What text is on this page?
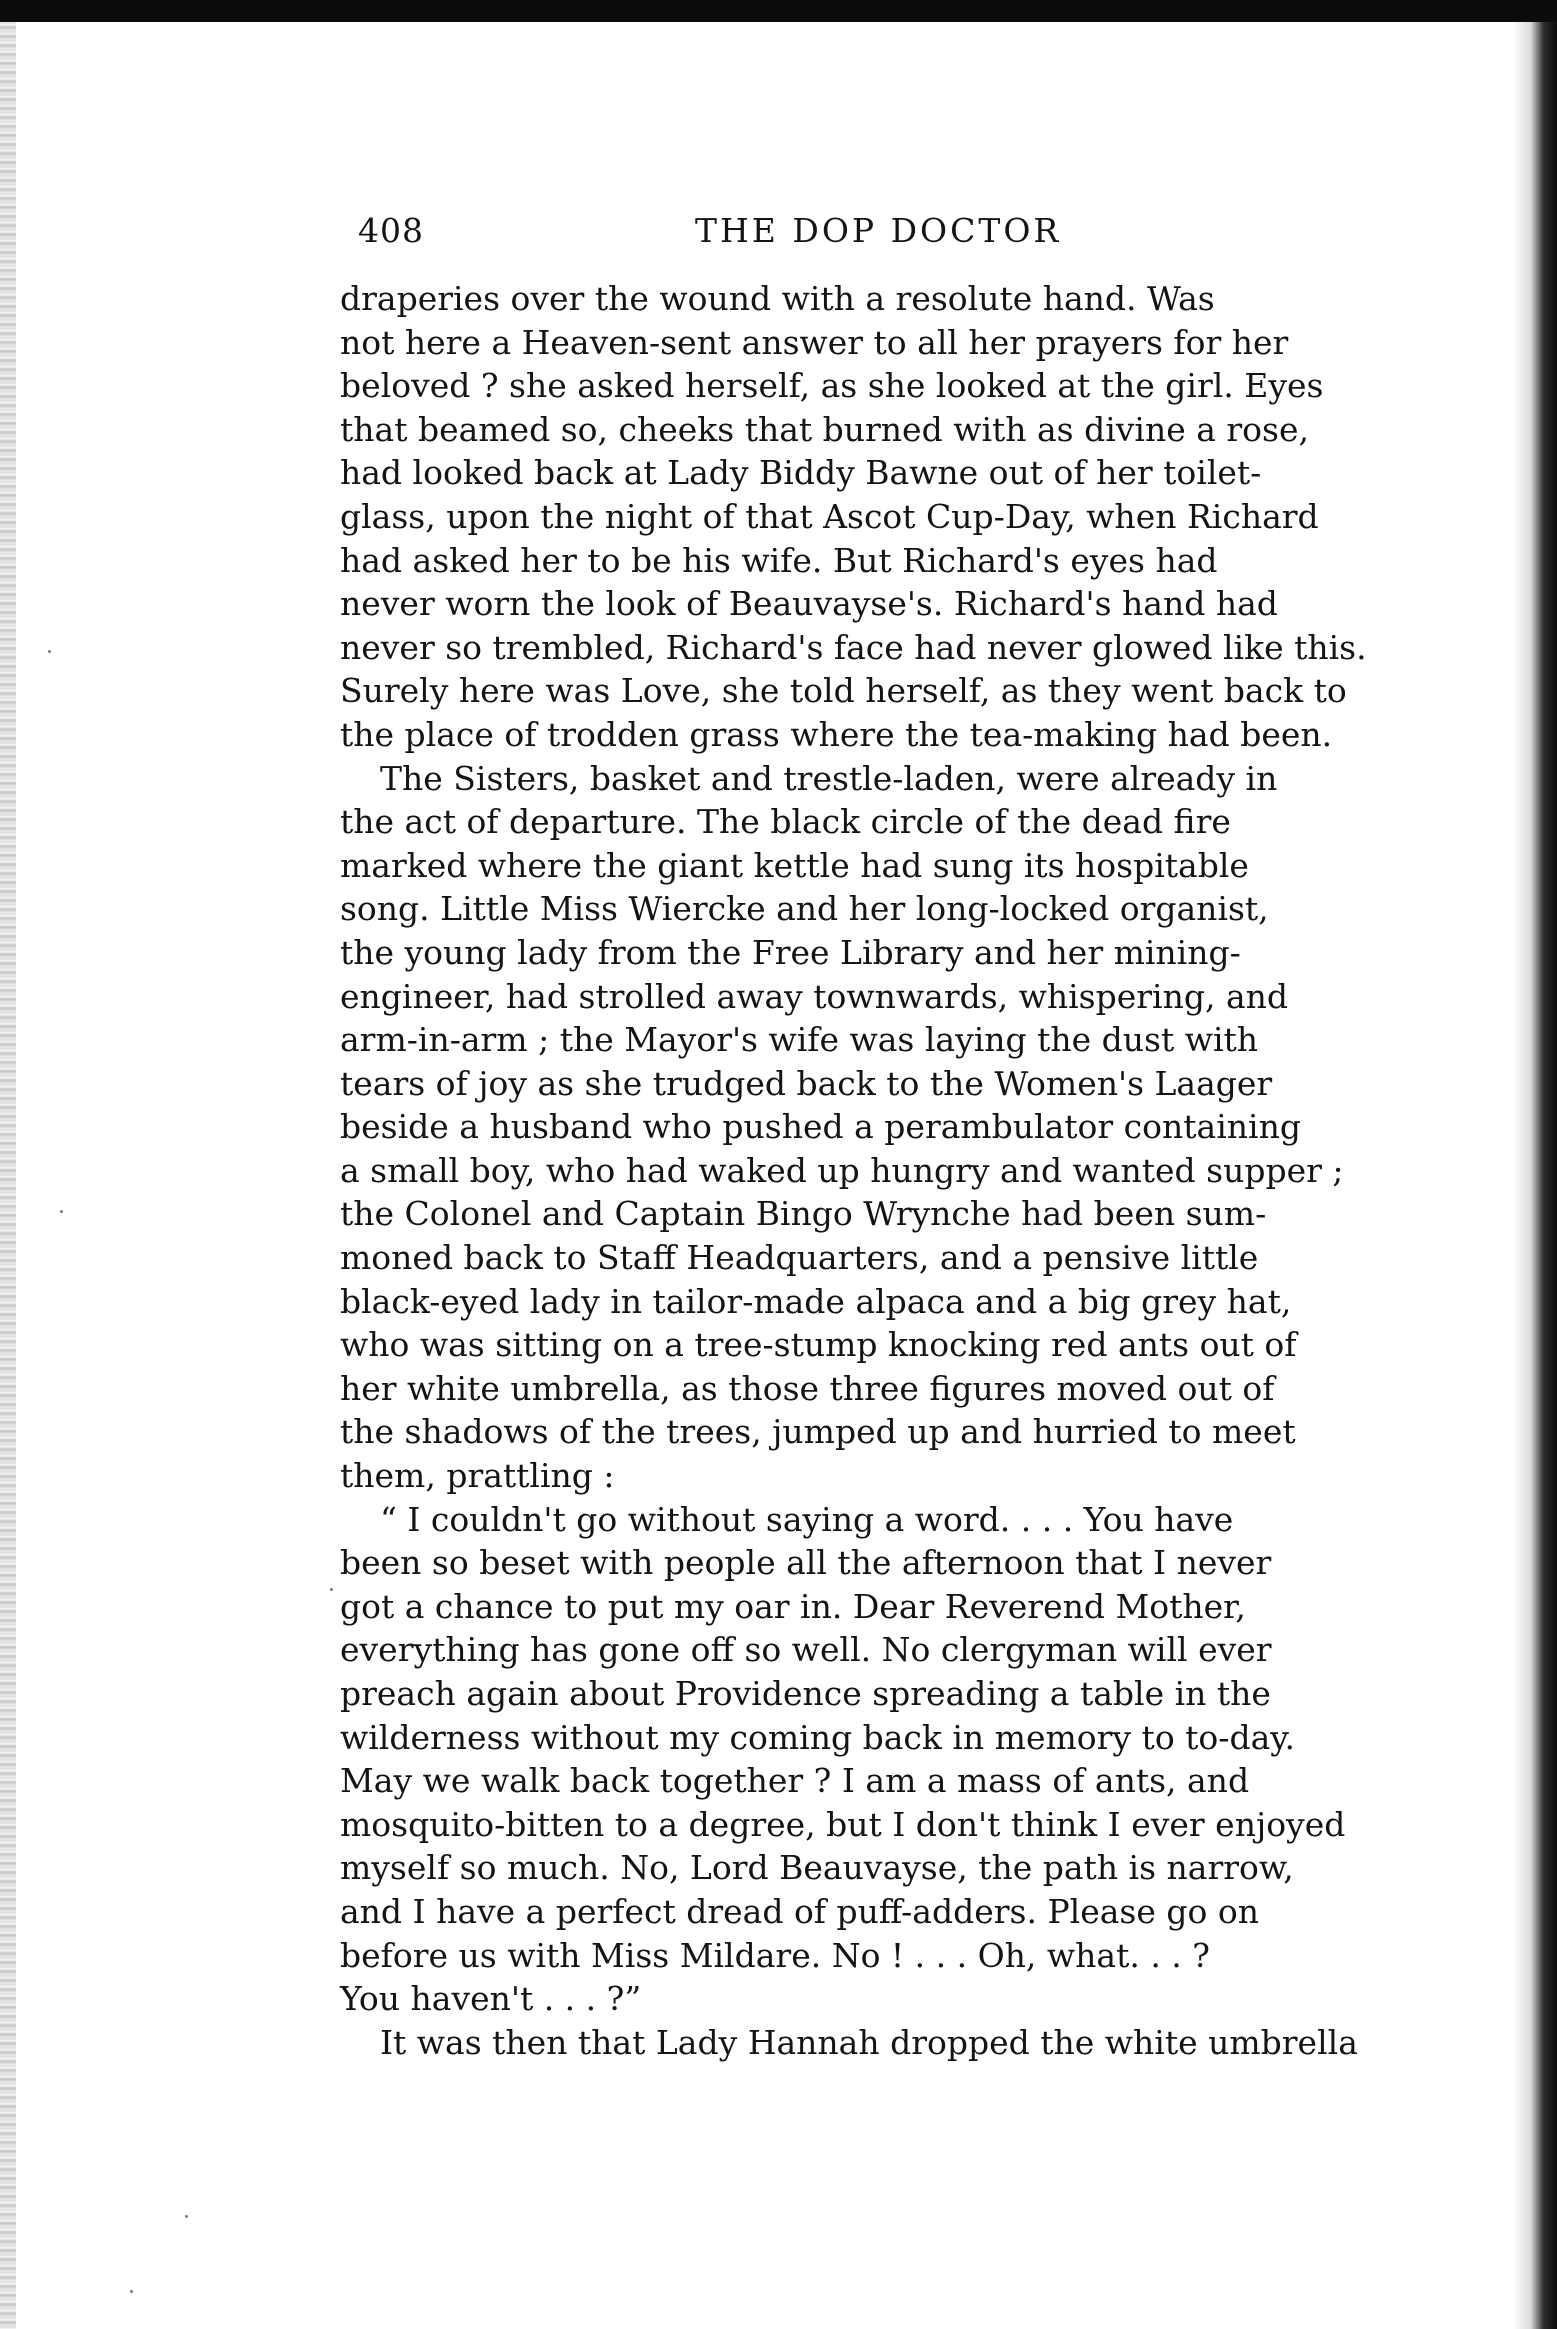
408	THE DOP DOCTOR
draperies over the wound with a resolute hand. Was
not here a Heaven-sent answer to all her prayers for her
beloved ? she asked herself, as she looked at the girl. Eyes
that beamed so, cheeks that burned with as divine a rose,
had looked back at Lady Biddy Bawne out of her toilet-
glass, upon the night of that Ascot Cup-Day, when Richard
had asked her to be his wife. But Richard's eyes had
never worn the look of Beauvayse's. Richard's hand had
never so trembled, Richard's face had never glowed like this.
Surely here was Love, she told herself, as they went back to
the place of trodden grass where the tea-making had been.
The Sisters, basket and trestle-laden, were already in
the act of departure. The black circle of the dead fire
marked where the giant kettle had sung its hospitable
song. Little Miss Wiercke and her long-locked organist,
the young lady from the Free Library and her mining-
engineer, had strolled away townwards, whispering, and
arm-in-arm ; the Mayor's wife was laying the dust with
tears of joy as she trudged back to the Women's Laager
beside a husband who pushed a perambulator containing
a small boy, who had waked up hungry and wanted supper ;
the Colonel and Captain Bingo Wrynche had been sum-
moned back to Staff Headquarters, and a pensive little
black-eyed lady in tailor-made alpaca and a big grey hat,
who was sitting on a tree-stump knocking red ants out of
her white umbrella, as those three figures moved out of
the shadows of the trees, jumped up and hurried to meet
them, prattling :
“ I couldn't go without saying a word. . . . You have
been so beset with people all the afternoon that I never
got a chance to put my oar in. Dear Reverend Mother,
everything has gone off so well. No clergyman will ever
preach again about Providence spreading a table in the
wilderness without my coming back in memory to to-day.
May we walk back together ? I am a mass of ants, and
mosquito-bitten to a degree, but I don't think I ever enjoyed
myself so much. No, Lord Beauvayse, the path is narrow,
and I have a perfect dread of puff-adders. Please go on
before us with Miss Mildare. No ! . . . Oh, what. . . ?
You haven't . . . ?”
It was then that Lady Hannah dropped the white umbrella
